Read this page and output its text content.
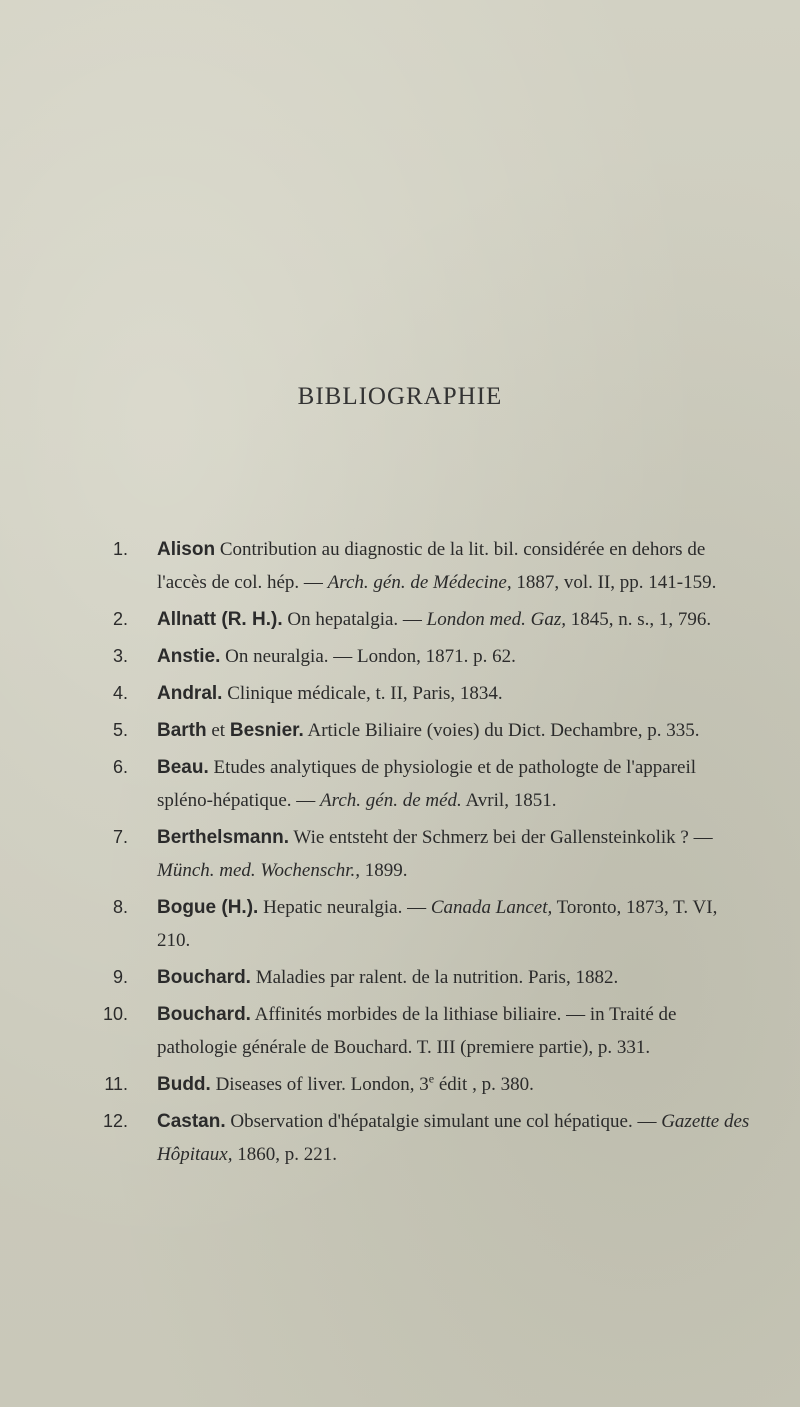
BIBLIOGRAPHIE
1. Alison Contribution au diagnostic de la lit. bil. considérée en dehors de l'accès de col. hép. — Arch. gén. de Médecine, 1887, vol. II, pp. 141-159.
2. Allnatt (R. H.). On hepatalgia. — London med. Gaz, 1845, n. s., 1, 796.
3. Anstie. On neuralgia. — London, 1871. p. 62.
4. Andral. Clinique médicale, t. II, Paris, 1834.
5. Barth et Besnier. Article Biliaire (voies) du Dict. Dechambre, p. 335.
6. Beau. Etudes analytiques de physiologie et de pathologte de l'appareil spléno-hépatique. — Arch. gén. de méd. Avril, 1851.
7. Berthelsmann. Wie entsteht der Schmerz bei der Gallensteinkolik ? — Münch. med. Wochenschr., 1899.
8. Bogue (H.). Hepatic neuralgia. — Canada Lancet, Toronto, 1873, T. VI, 210.
9. Bouchard. Maladies par ralent. de la nutrition. Paris, 1882.
10. Bouchard. Affinités morbides de la lithiase biliaire. — in Traité de pathologie générale de Bouchard. T. III (premiere partie), p. 331.
11. Budd. Diseases of liver. London, 3e édit , p. 380.
12. Castan. Observation d'hépatalgie simulant une col hépatique. — Gazette des Hôpitaux, 1860, p. 221.
